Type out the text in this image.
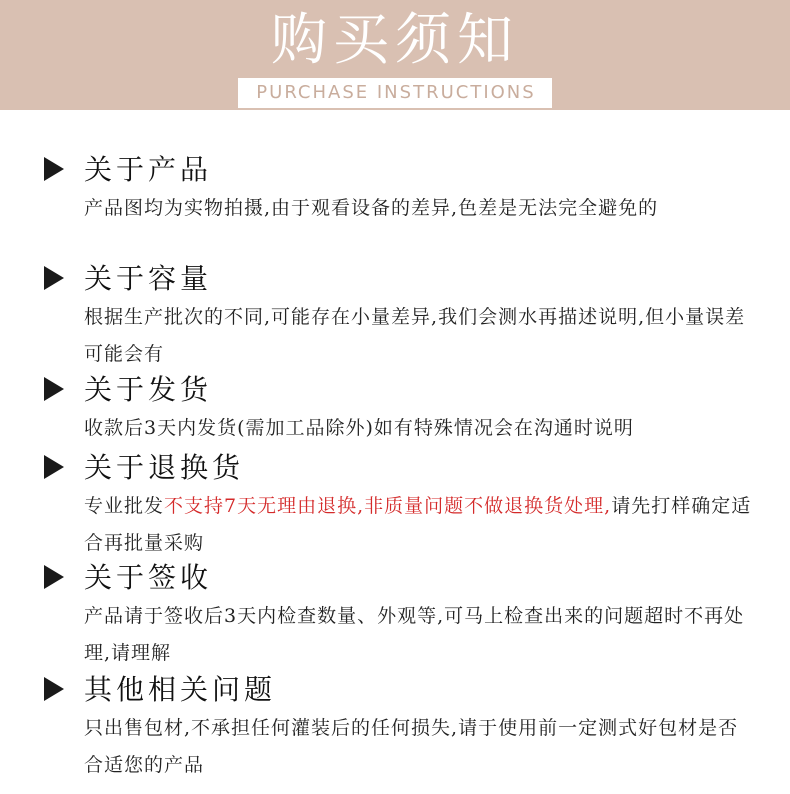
购买须知
PURCHASE INSTRUCTIONS
关于产品
产品图均为实物拍摄,由于观看设备的差异,色差是无法完全避免的
关于容量
根据生产批次的不同,可能存在小量差异,我们会测水再描述说明,但小量误差可能会有
关于发货
收款后3天内发货(需加工品除外)如有特殊情况会在沟通时说明
关于退换货
专业批发不支持7天无理由退换,非质量问题不做退换货处理,请先打样确定适合再批量采购
关于签收
产品请于签收后3天内检查数量、外观等,可马上检查出来的问题超时不再处理,请理解
其他相关问题
只出售包材,不承担任何灌装后的任何损失,请于使用前一定测式好包材是否合适您的产品
